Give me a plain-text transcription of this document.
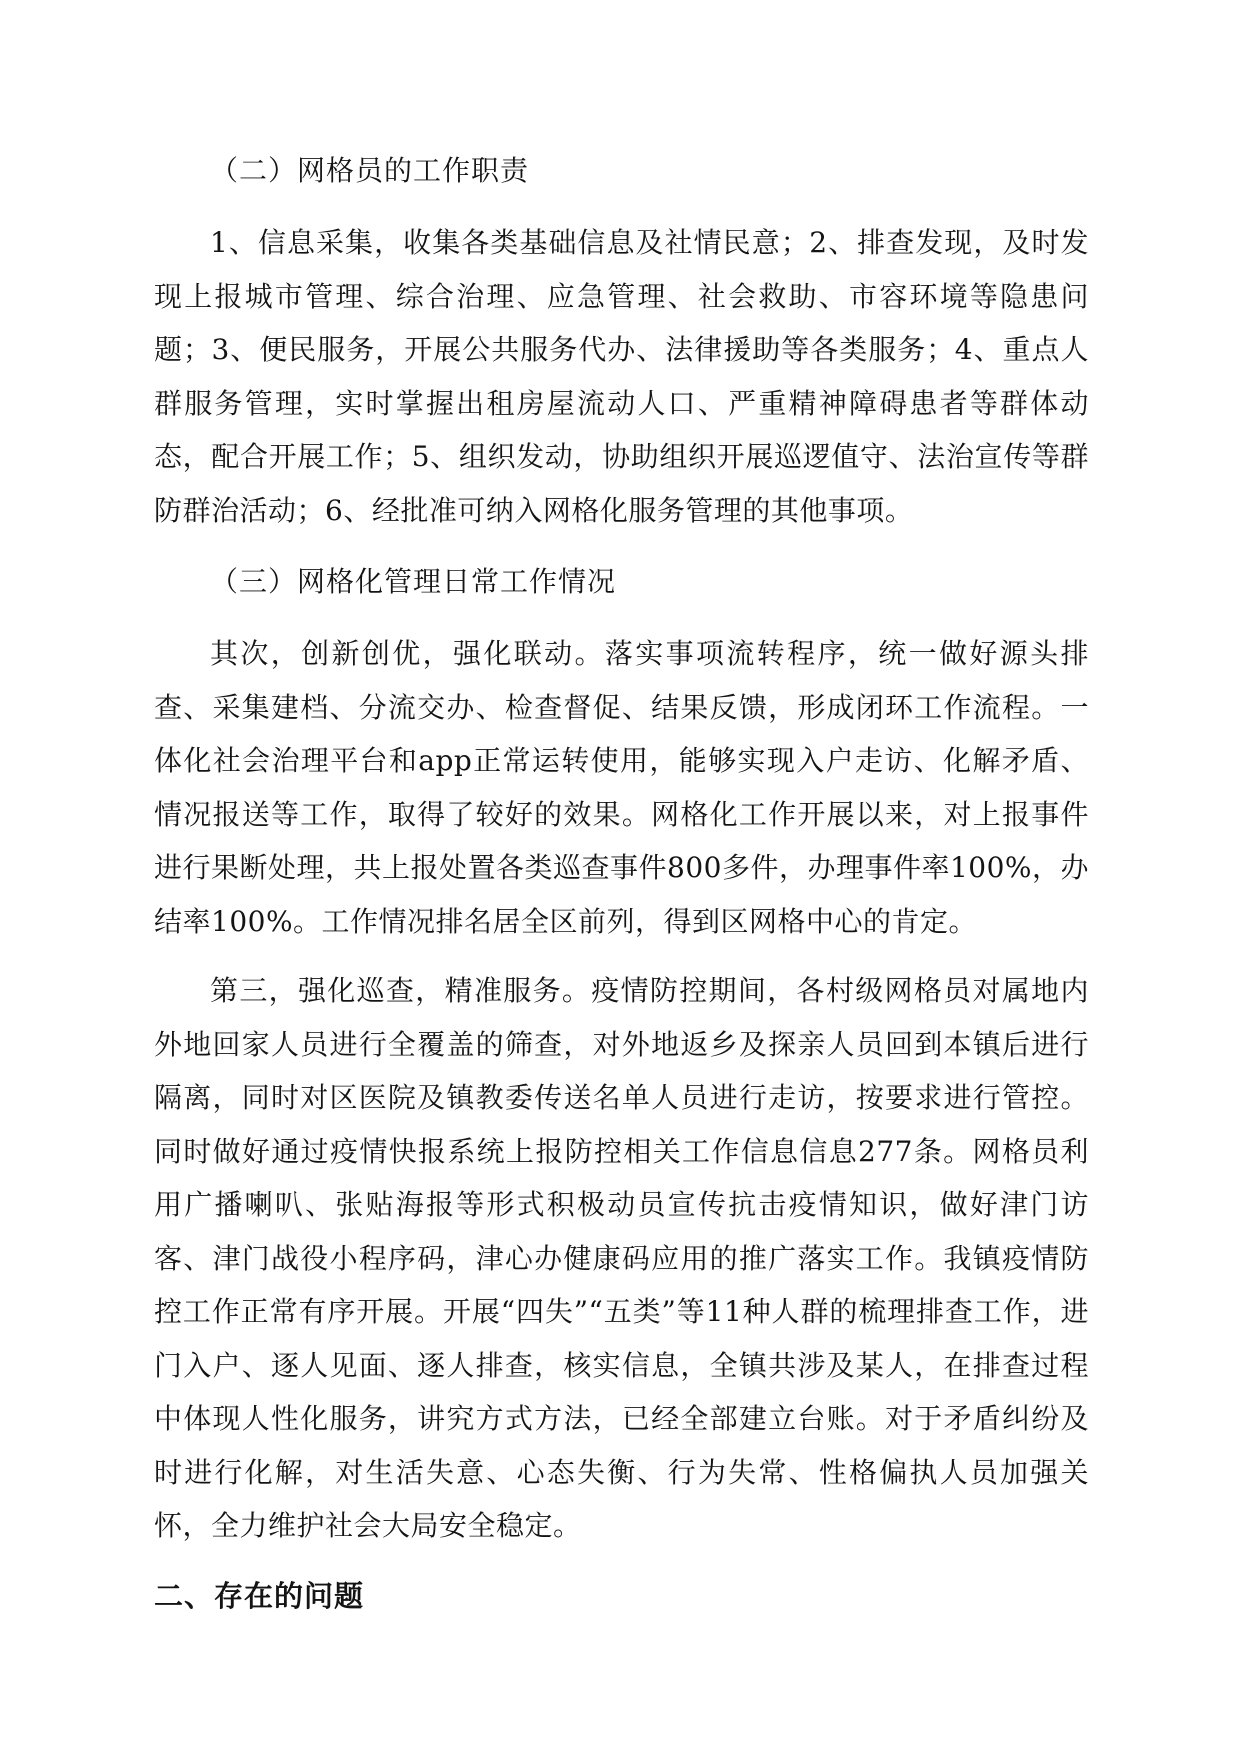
（二）网格员的工作职责

1、信息采集，收集各类基础信息及社情民意；2、排查发现，及时发现上报城市管理、综合治理、应急管理、社会救助、市容环境等隐患问题；3、便民服务，开展公共服务代办、法律援助等各类服务；4、重点人群服务管理，实时掌握出租房屋流动人口、严重精神障碍患者等群体动态，配合开展工作；5、组织发动，协助组织开展巡逻值守、法治宣传等群防群治活动；6、经批准可纳入网格化服务管理的其他事项。

（三）网格化管理日常工作情况

其次，创新创优，强化联动。落实事项流转程序，统一做好源头排查、采集建档、分流交办、检查督促、结果反馈，形成闭环工作流程。一体化社会治理平台和app正常运转使用，能够实现入户走访、化解矛盾、情况报送等工作，取得了较好的效果。网格化工作开展以来，对上报事件进行果断处理，共上报处置各类巡查事件800多件，办理事件率100%，办结率100%。工作情况排名居全区前列，得到区网格中心的肯定。

第三，强化巡查，精准服务。疫情防控期间，各村级网格员对属地内外地回家人员进行全覆盖的筛查，对外地返乡及探亲人员回到本镇后进行隔离，同时对区医院及镇教委传送名单人员进行走访，按要求进行管控。同时做好通过疫情快报系统上报防控相关工作信息信息277条。网格员利用广播喇叭、张贴海报等形式积极动员宣传抗击疫情知识，做好津门访客、津门战役小程序码，津心办健康码应用的推广落实工作。我镇疫情防控工作正常有序开展。开展“四失”“五类”等11种人群的梳理排查工作，进门入户、逐人见面、逐人排查，核实信息，全镇共涉及某人，在排查过程中体现人性化服务，讲究方式方法，已经全部建立台账。对于矛盾纠纷及时进行化解，对生活失意、心态失衡、行为失常、性格偏执人员加强关怀，全力维护社会大局安全稳定。

二、存在的问题
